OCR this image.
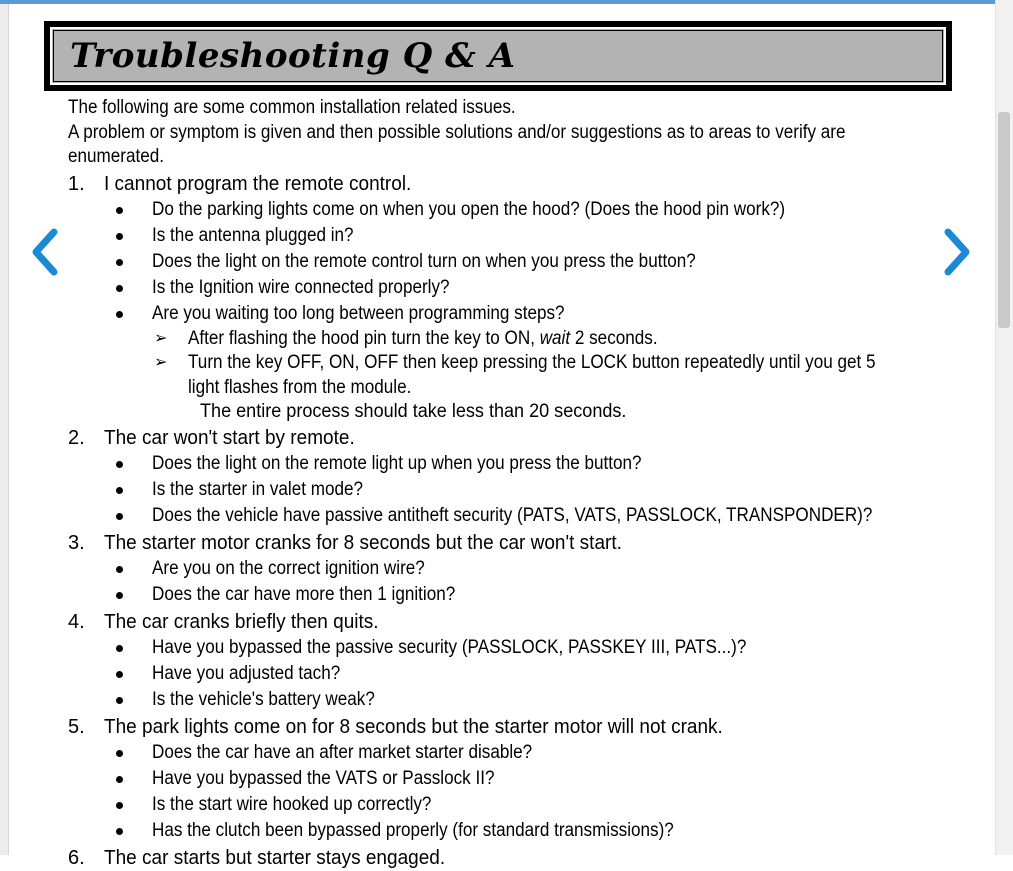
Troubleshooting Q & A
The following are some common installation related issues.
A problem or symptom is given and then possible solutions and/or suggestions as to areas to verify are enumerated.
1. I cannot program the remote control.
Do the parking lights come on when you open the hood? (Does the hood pin work?)
Is the antenna plugged in?
Does the light on the remote control turn on when you press the button?
Is the Ignition wire connected properly?
Are you waiting too long between programming steps?
➢ After flashing the hood pin turn the key to ON, wait 2 seconds.
➢ Turn the key OFF, ON, OFF then keep pressing the LOCK button repeatedly until you get 5 light flashes from the module.
The entire process should take less than 20 seconds.
2. The car won't start by remote.
Does the light on the remote light up when you press the button?
Is the starter in valet mode?
Does the vehicle have passive antitheft security (PATS, VATS, PASSLOCK, TRANSPONDER)?
3. The starter motor cranks for 8 seconds but the car won't start.
Are you on the correct ignition wire?
Does the car have more then 1 ignition?
4. The car cranks briefly then quits.
Have you bypassed the passive security (PASSLOCK, PASSKEY III, PATS...)?
Have you adjusted tach?
Is the vehicle's battery weak?
5. The park lights come on for 8 seconds but the starter motor will not crank.
Does the car have an after market starter disable?
Have you bypassed the VATS or Passlock II?
Is the start wire hooked up correctly?
Has the clutch been bypassed properly (for standard transmissions)?
6. The car starts but starter stays engaged.
